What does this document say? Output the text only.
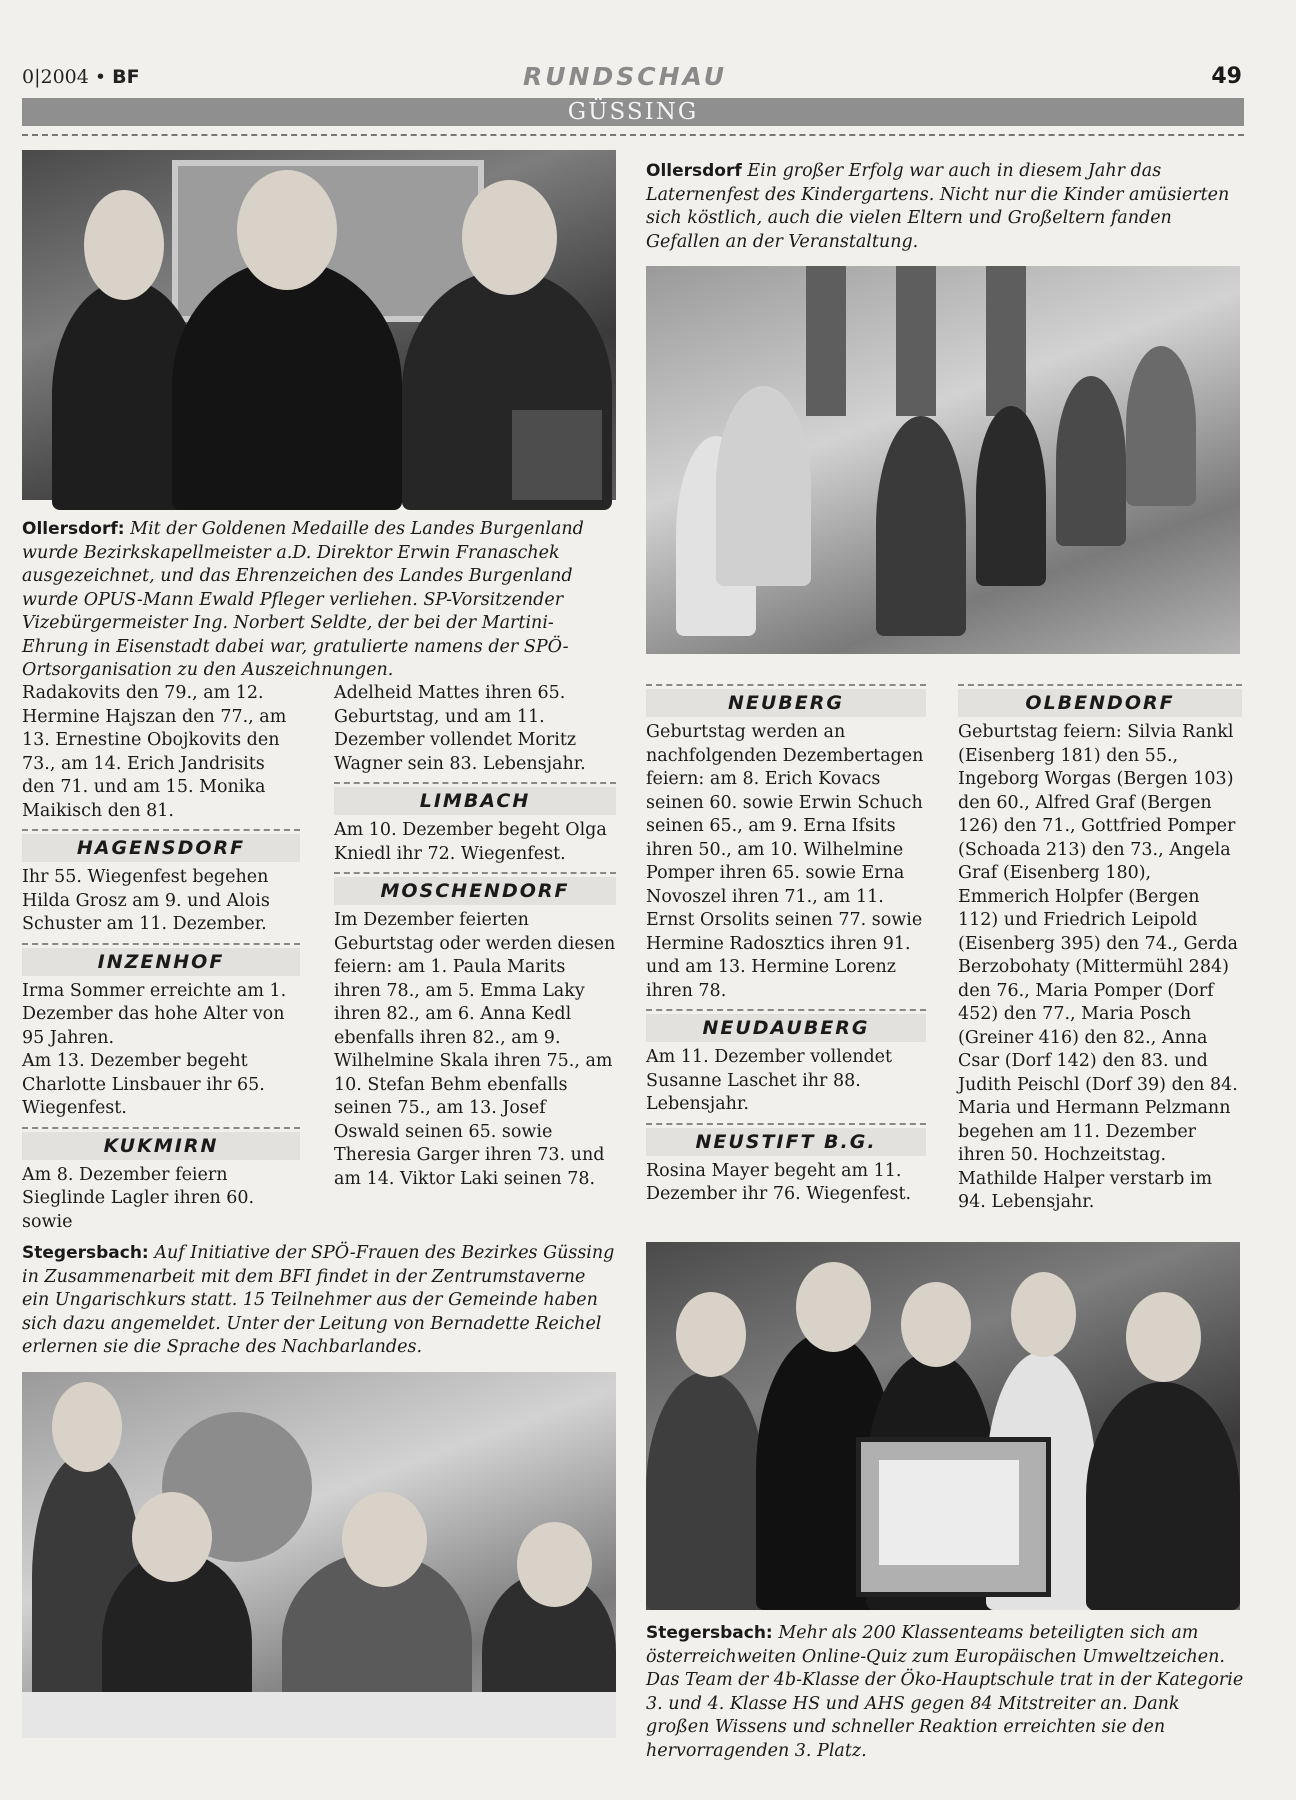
0|2004 • BF	RUNDSCHAU	49
GÜSSING
Ollersdorf Ein großer Erfolg war auch in diesem Jahr das Laternenfest des Kindergartens. Nicht nur die Kinder amüsierten sich köstlich, auch die vielen Eltern und Großeltern fanden Gefallen an der Veranstaltung.
Ollersdorf: Mit der Goldenen Medaille des Landes Burgenland wurde Bezirkskapellmeister a.D. Direktor Erwin Franaschek ausgezeichnet, und das Ehrenzeichen des Landes Burgenland wurde OPUS-Mann Ewald Pfleger verliehen. SP-Vorsitzender Vizebürgermeister Ing. Norbert Seldte, der bei der Martini-Ehrung in Eisenstadt dabei war, gratulierte namens der SPÖ-Ortsorganisation zu den Auszeichnungen.

Radakovits den 79., am 12. Hermine Hajszan den 77., am 13. Ernestine Obojkovits den 73., am 14. Erich Jandrisits den 71. und am 15. Monika Maikisch den 81.

HAGENSDORF

Ihr 55. Wiegenfest begehen Hilda Grosz am 9. und Alois Schuster am 11. Dezember.

INZENHOF

Irma Sommer erreichte am 1. Dezember das hohe Alter von 95 Jahren.

Am 13. Dezember begeht Charlotte Linsbauer ihr 65. Wiegenfest.

KUKMIRN

Am 8. Dezember feiern Sieglinde Lagler ihren 60. sowie

Adelheid Mattes ihren 65. Geburtstag, und am 11. Dezember vollendet Moritz Wagner sein 83. Lebensjahr.

LIMBACH

Am 10. Dezember begeht Olga Kniedl ihr 72. Wiegenfest.

MOSCHENDORF

Im Dezember feierten Geburtstag oder werden diesen feiern: am 1. Paula Marits ihren 78., am 5. Emma Laky ihren 82., am 6. Anna Kedl ebenfalls ihren 82., am 9. Wilhelmine Skala ihren 75., am 10. Stefan Behm ebenfalls seinen 75., am 13. Josef Oswald seinen 65. sowie Theresia Garger ihren 73. und am 14. Viktor Laki seinen 78.

NEUBERG

Geburtstag werden an nachfolgenden Dezembertagen feiern: am 8. Erich Kovacs seinen 60. sowie Erwin Schuch seinen 65., am 9. Erna Ifsits ihren 50., am 10. Wilhelmine Pomper ihren 65. sowie Erna Novoszel ihren 71., am 11. Ernst Orsolits seinen 77. sowie Hermine Radosztics ihren 91. und am 13. Hermine Lorenz ihren 78.

NEUDAUBERG

Am 11. Dezember vollendet Susanne Laschet ihr 88. Lebensjahr.

NEUSTIFT B.G.

Rosina Mayer begeht am 11. Dezember ihr 76. Wiegenfest.

OLBENDORF

Geburtstag feiern: Silvia Rankl (Eisenberg 181) den 55., Ingeborg Worgas (Bergen 103) den 60., Alfred Graf (Bergen 126) den 71., Gottfried Pomper (Schoada 213) den 73., Angela Graf (Eisenberg 180), Emmerich Holpfer (Bergen 112) und Friedrich Leipold (Eisenberg 395) den 74., Gerda Berzobohaty (Mittermühl 284) den 76., Maria Pomper (Dorf 452) den 77., Maria Posch (Greiner 416) den 82., Anna Csar (Dorf 142) den 83. und Judith Peischl (Dorf 39) den 84.

Maria und Hermann Pelzmann begehen am 11. Dezember ihren 50. Hochzeitstag.

Mathilde Halper verstarb im 94. Lebensjahr.

Stegersbach: Auf Initiative der SPÖ-Frauen des Bezirkes Güssing in Zusammenarbeit mit dem BFI findet in der Zentrumstaverne ein Ungarischkurs statt. 15 Teilnehmer aus der Gemeinde haben sich dazu angemeldet. Unter der Leitung von Bernadette Reichel erlernen sie die Sprache des Nachbarlandes.
Stegersbach: Mehr als 200 Klassenteams beteiligten sich am österreichweiten Online-Quiz zum Europäischen Umweltzeichen. Das Team der 4b-Klasse der Öko-Hauptschule trat in der Kategorie 3. und 4. Klasse HS und AHS gegen 84 Mitstreiter an. Dank großen Wissens und schneller Reaktion erreichten sie den hervorragenden 3. Platz.
